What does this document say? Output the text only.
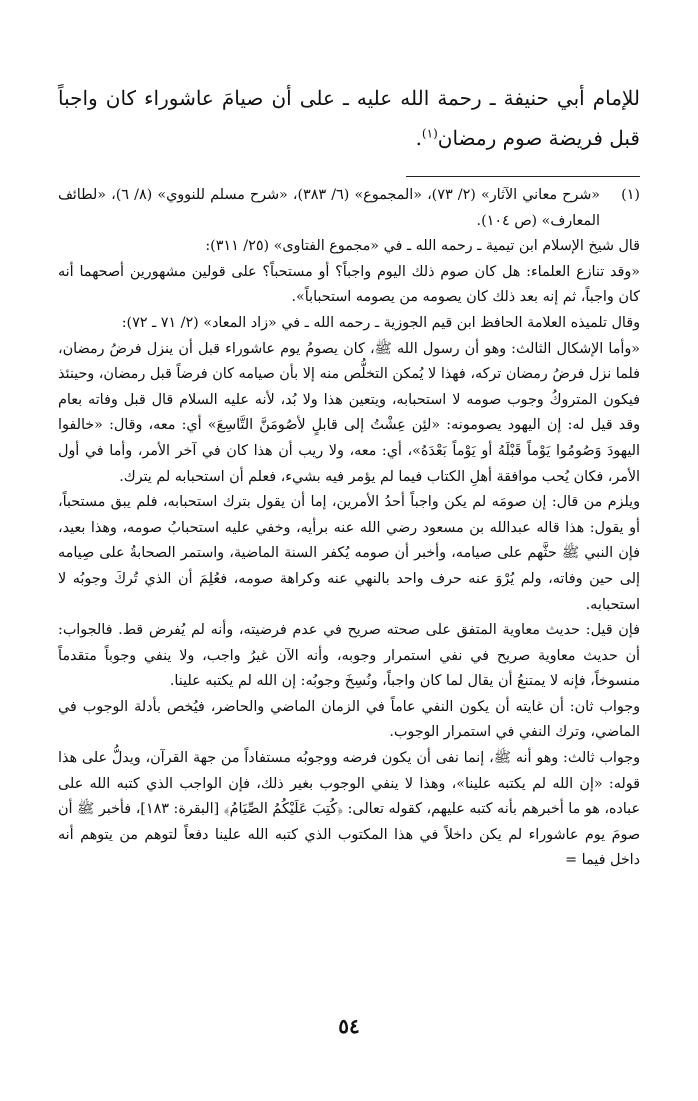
للإمام أبي حنيفة ـ رحمة الله عليه ـ على أن صيامَ عاشوراء كان واجباً قبل فريضة صوم رمضان$^{(١)}$.

(١)
«شرح معاني الآثار» (٢/ ٧٣)، «المجموع» (٦/ ٣٨٣)، «شرح مسلم للنووي» (٨/ ٦)، «لطائف المعارف» (ص ١٠٤).

قال شيخ الإسلام ابن تيمية ـ رحمه الله ـ في «مجموع الفتاوى» (٢٥/ ٣١١):

«وقد تنازع العلماء: هل كان صوم ذلك اليوم واجباً؟ أو مستحباً؟ على قولين مشهورين أصحهما أنه كان واجباً، ثم إنه بعد ذلك كان يصومه من يصومه استحباباً».

وقال تلميذه العلامة الحافظ ابن قيم الجوزية ـ رحمه الله ـ في «زاد المعاد» (٢/ ٧١ ـ ٧٢):

«وأما الإشكال الثالث: وهو أن رسول الله ﷺ، كان يصومُ يوم عاشوراء قبل أن ينزل فرضُ رمضان، فلما نزل فرضُ رمضان تركه، فهذا لا يُمكن التخلُّص منه إلا بأن صيامه كان فرضاً قبل رمضان، وحينئذ فيكون المتروكُ وجوب صومه لا استحبابه، ويتعين هذا ولا بُد، لأنه عليه السلام قال قبل وفاته بعام وقد قيل له: إن اليهود يصومونه: «لئِن عِشْتُ إلى قابلٍ لأصُومَنَّ التَّاسِعَ» أي: معه، وقال: «خالفوا اليهودَ وَصُومُوا يَوْماً قَبْلَهُ أو يَوْماً بَعْدَهُ»، أي: معه، ولا ريب أن هذا كان في آخر الأمر، وأما في أول الأمر، فكان يُحب موافقة أهلِ الكتاب فيما لم يؤمر فيه بشيء، فعلم أن استحبابه لم يترك.

ويلزم من قال: إن صومَه لم يكن واجباً أحدُ الأمرين، إما أن يقول بترك استحبابه، فلم يبق مستحباً، أو يقول: هذا قاله عبدالله بن مسعود رضي الله عنه برأيه، وخفي عليه استحبابُ صومه، وهذا بعيد، فإن النبي ﷺ حثَّهم على صيامه، وأخبر أن صومه يُكفر السنة الماضية، واستمر الصحابةُ على صِيامه إلى حين وفاته، ولم يُرْوَ عنه حرف واحد بالنهي عنه وكراهة صومه، فعُلِمَ أن الذي تُركَ وجوبُه لا استحبابه.

فإن قيل: حديث معاوية المتفق على صحته صريح في عدم فرضيته، وأنه لم يُفرض قط. فالجواب: أن حديث معاوية صريح في نفي استمرار وجوبه، وأنه الآن غيرُ واجب، ولا ينفي وجوباً متقدماً منسوخاً، فإنه لا يمتنعُ أن يقال لما كان واجباً، ونُسِخَ وجوبُه: إن الله لم يكتبه علينا.

وجواب ثان: أن غايته أن يكون النفي عاماً في الزمان الماضي والحاضر، فيُخص بأدلة الوجوب في الماضي، وترك النفي في استمرار الوجوب.

وجواب ثالث: وهو أنه ﷺ، إنما نفى أن يكون فرضه ووجوبُه مستفاداً من جهة القرآن، ويدلُّ على هذا قوله: «إن الله لم يكتبه علينا»، وهذا لا ينفي الوجوب بغير ذلك، فإن الواجب الذي كتبه الله على عباده، هو ما أخبرهم بأنه كتبه عليهم، كقوله تعالى: ﴿كُتِبَ عَلَيْكُمُ الصِّيَامُ﴾ [البقرة: ١٨٣]، فأخبر ﷺ أن صومَ يوم عاشوراء لم يكن داخلاً في هذا المكتوب الذي كتبه الله علينا دفعاً لتوهم من يتوهم أنه داخل فيما =

٥٤
